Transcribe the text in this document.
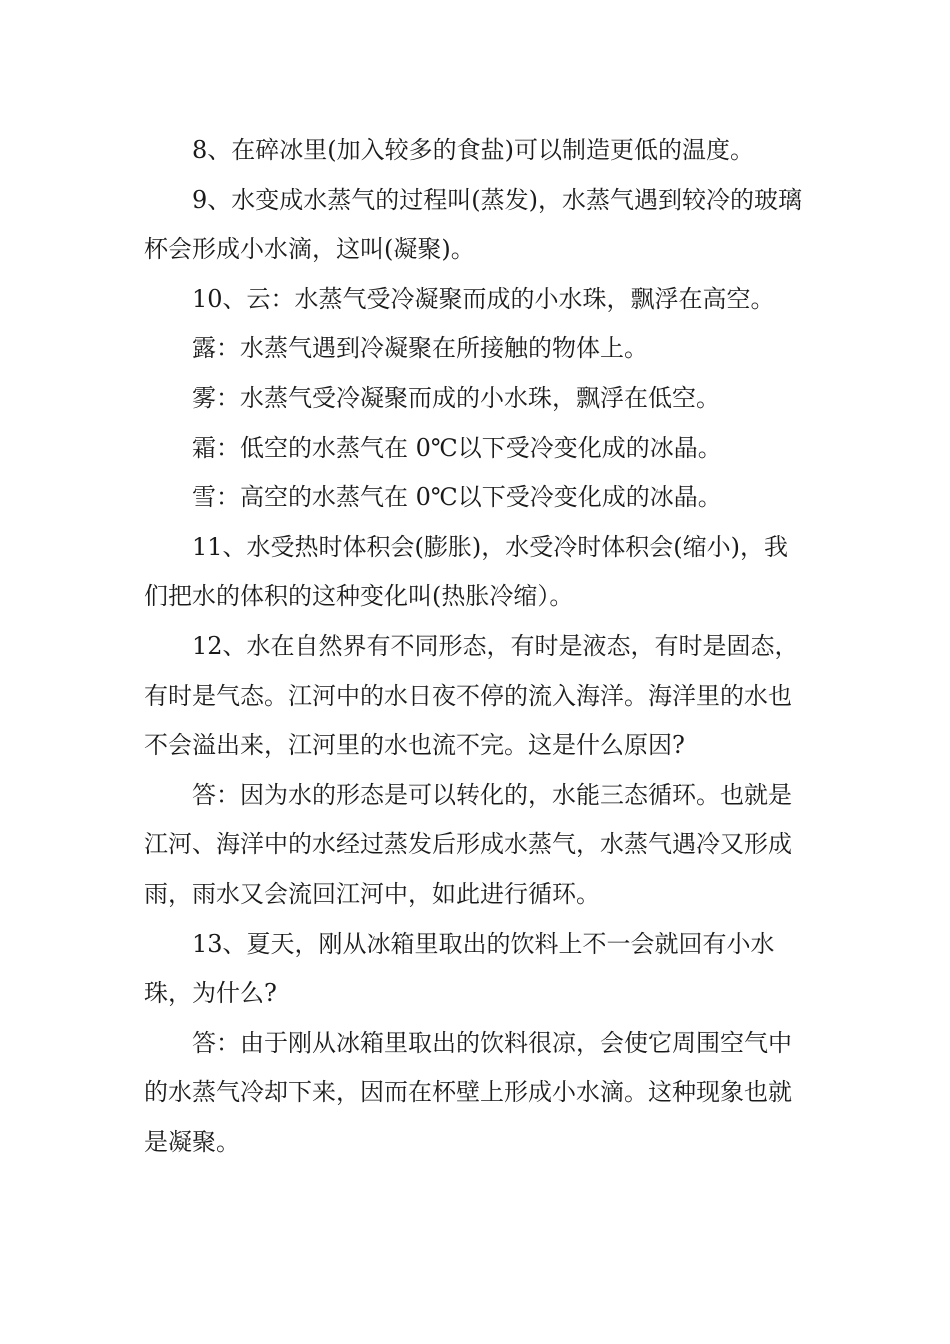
8、在碎冰里(加入较多的食盐)可以制造更低的温度。

9、水变成水蒸气的过程叫(蒸发)，水蒸气遇到较冷的玻璃杯会形成小水滴，这叫(凝聚)。

10、云：水蒸气受冷凝聚而成的小水珠，飘浮在高空。

露：水蒸气遇到冷凝聚在所接触的物体上。

雾：水蒸气受冷凝聚而成的小水珠，飘浮在低空。

霜：低空的水蒸气在 0℃以下受冷变化成的冰晶。

雪：高空的水蒸气在 0℃以下受冷变化成的冰晶。

11、水受热时体积会(膨胀)，水受冷时体积会(缩小)，我们把水的体积的这种变化叫(热胀冷缩）。

12、水在自然界有不同形态，有时是液态，有时是固态，有时是气态。江河中的水日夜不停的流入海洋。海洋里的水也不会溢出来，江河里的水也流不完。这是什么原因?

答：因为水的形态是可以转化的，水能三态循环。也就是江河、海洋中的水经过蒸发后形成水蒸气，水蒸气遇冷又形成雨，雨水又会流回江河中，如此进行循环。

13、夏天，刚从冰箱里取出的饮料上不一会就回有小水珠，为什么?

答：由于刚从冰箱里取出的饮料很凉，会使它周围空气中的水蒸气冷却下来，因而在杯壁上形成小水滴。这种现象也就是凝聚。
